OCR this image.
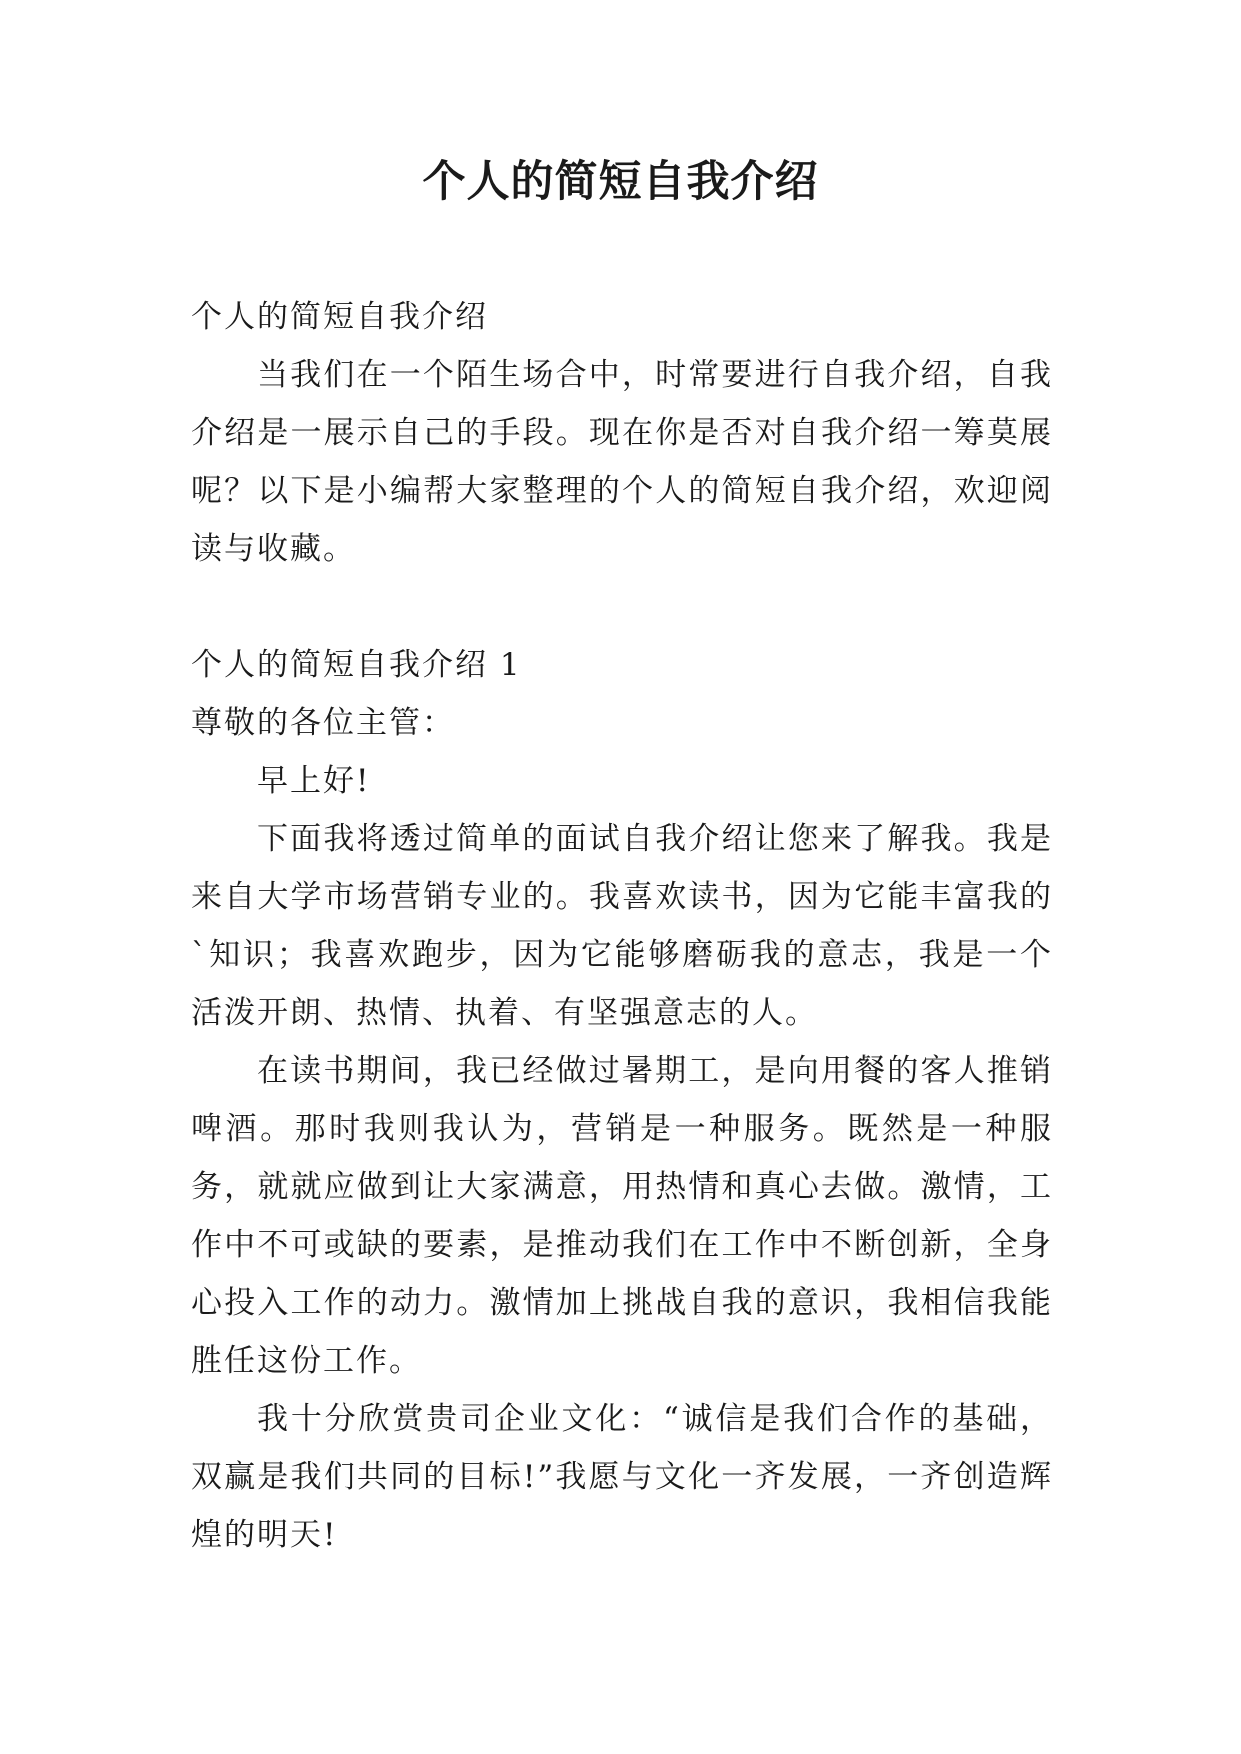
个人的简短自我介绍

个人的简短自我介绍

当我们在一个陌生场合中，时常要进行自我介绍，自我介绍是一展示自己的手段。现在你是否对自我介绍一筹莫展呢？以下是小编帮大家整理的个人的简短自我介绍，欢迎阅读与收藏。

个人的简短自我介绍 1

尊敬的各位主管：

早上好!

下面我将透过简单的面试自我介绍让您来了解我。我是来自大学市场营销专业的。我喜欢读书，因为它能丰富我的`知识；我喜欢跑步，因为它能够磨砺我的意志，我是一个活泼开朗、热情、执着、有坚强意志的人。

在读书期间，我已经做过暑期工，是向用餐的客人推销啤酒。那时我则我认为，营销是一种服务。既然是一种服务，就就应做到让大家满意，用热情和真心去做。激情，工作中不可或缺的要素，是推动我们在工作中不断创新，全身心投入工作的动力。激情加上挑战自我的意识，我相信我能胜任这份工作。

我十分欣赏贵司企业文化：“诚信是我们合作的基础，双赢是我们共同的目标!”我愿与文化一齐发展，一齐创造辉煌的明天!
